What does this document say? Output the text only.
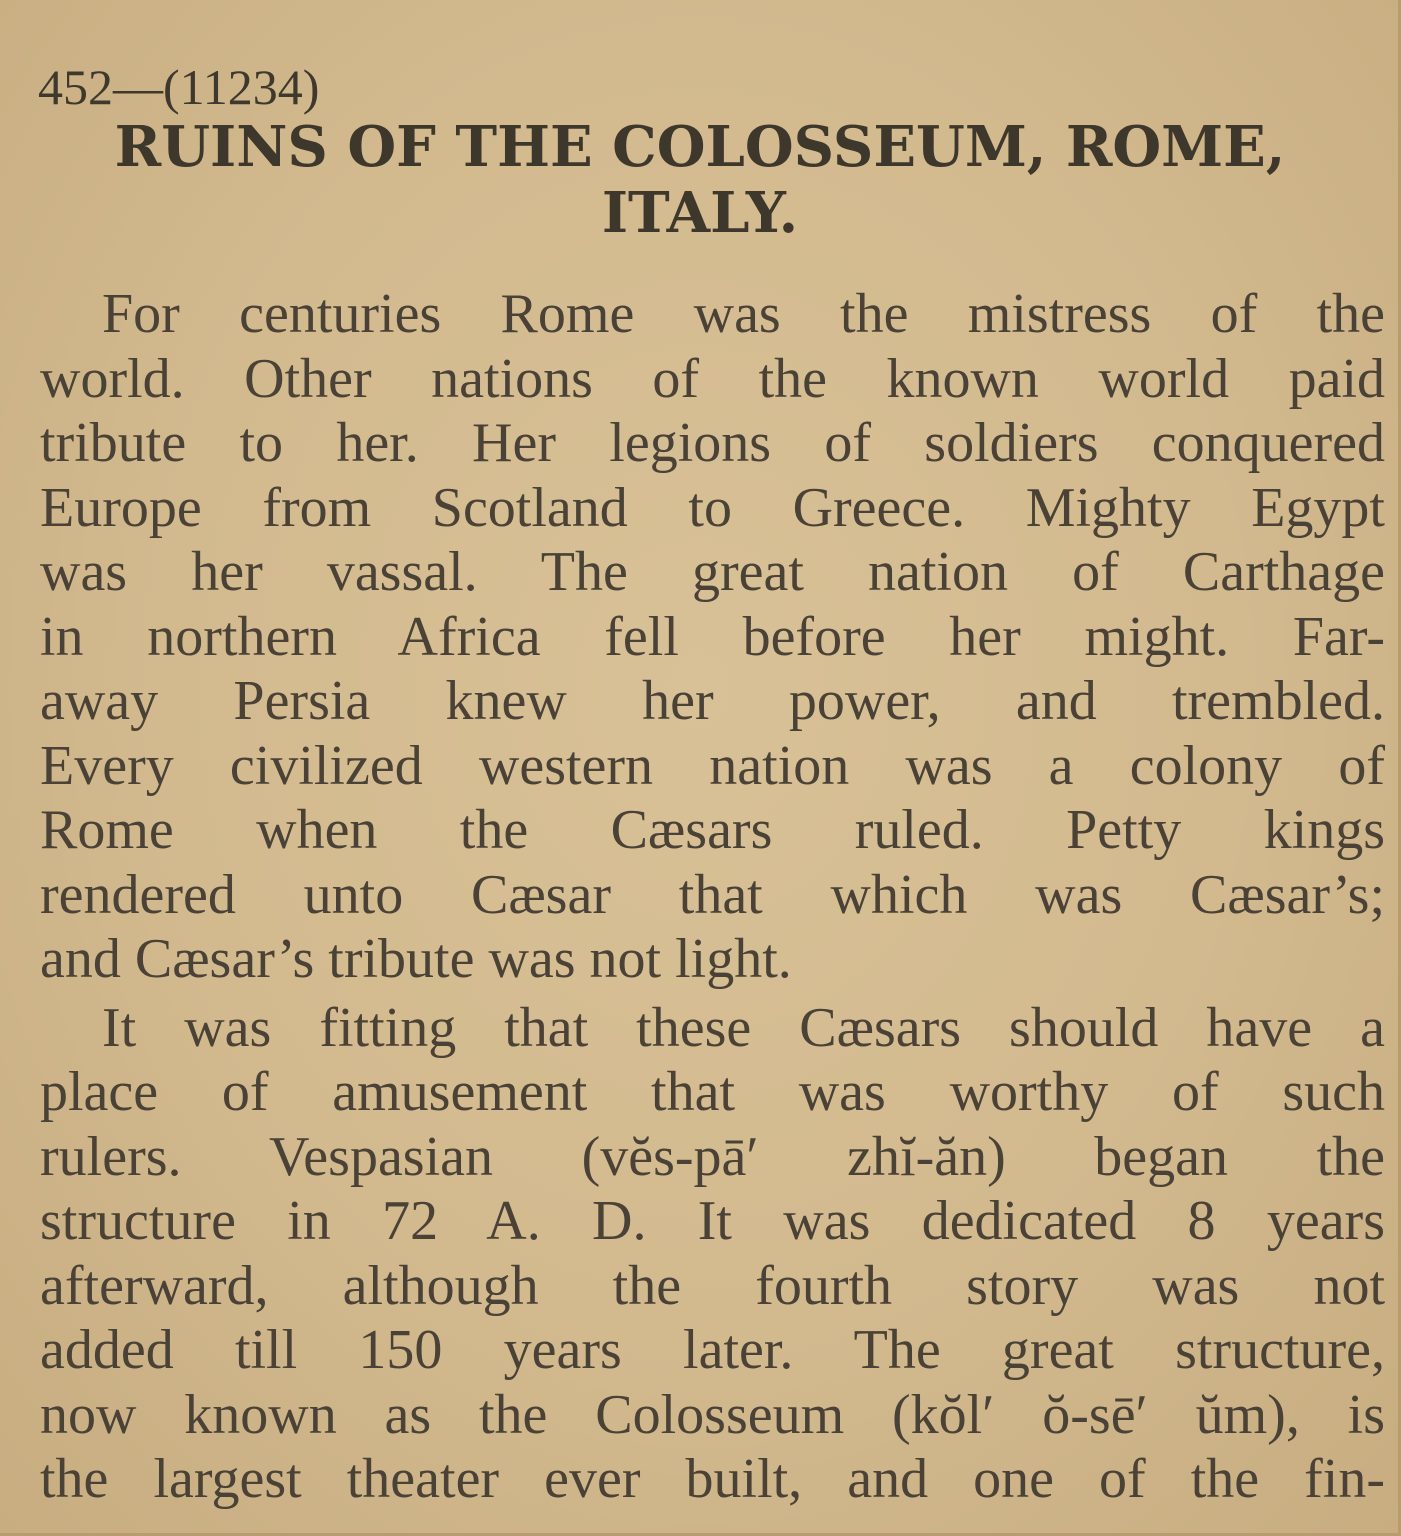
452—(11234)
RUINS OF THE COLOSSEUM, ROME,
ITALY.
For centuries Rome was the mistress of the
world. Other nations of the known world paid
tribute to her. Her legions of soldiers conquered
Europe from Scotland to Greece. Mighty Egypt
was her vassal. The great nation of Carthage
in northern Africa fell before her might. Far-
away Persia knew her power, and trembled.
Every civilized western nation was a colony of
Rome when the Cæsars ruled. Petty kings
rendered unto Cæsar that which was Cæsar’s;
and Cæsar’s tribute was not light.
It was fitting that these Cæsars should have a
place of amusement that was worthy of such
rulers. Vespasian (vĕs-pā′ zhĭ-ăn) began the
structure in 72 A. D. It was dedicated 8 years
afterward, although the fourth story was not
added till 150 years later. The great structure,
now known as the Colosseum (kŏl′ ŏ-sē′ ŭm), is
the largest theater ever built, and one of the fin-
